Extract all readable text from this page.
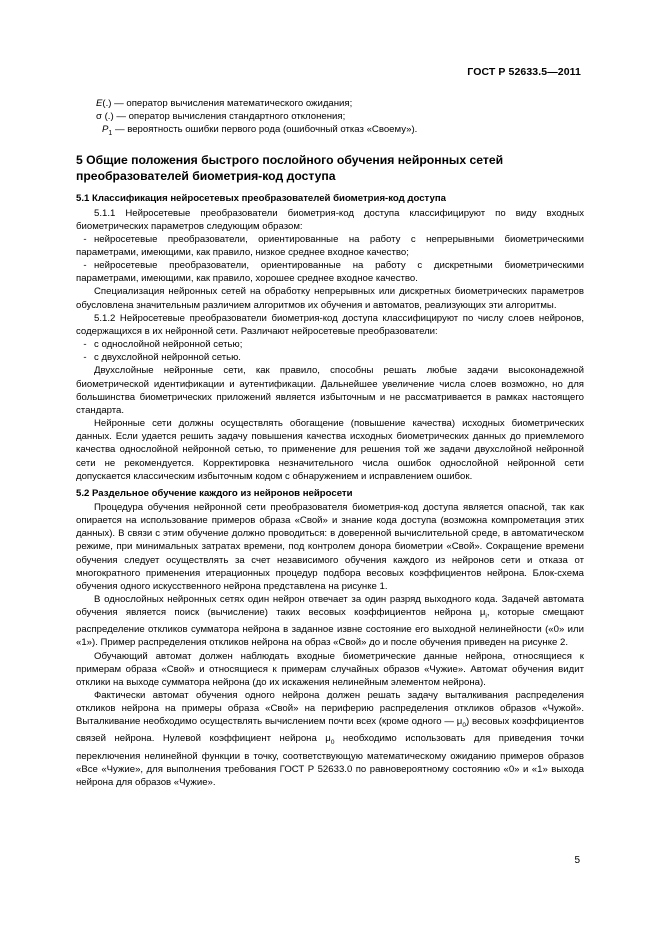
ГОСТ Р 52633.5—2011
E(.) — оператор вычисления математического ожидания;
σ (.) — оператор вычисления стандартного отклонения;
$P_1$ — вероятность ошибки первого рода (ошибочный отказ «Своему»).
5 Общие положения быстрого послойного обучения нейронных сетей преобразователей биометрия-код доступа
5.1 Классификация нейросетевых преобразователей биометрия-код доступа

5.1.1 Нейросетевые преобразователи биометрия-код доступа классифицируют по виду входных биометрических параметров следующим образом:

- нейросетевые преобразователи, ориентированные на работу с непрерывными биометрическими параметрами, имеющими, как правило, низкое среднее входное качество;
- нейросетевые преобразователи, ориентированные на работу с дискретными биометрическими параметрами, имеющими, как правило, хорошее среднее входное качество.

Специализация нейронных сетей на обработку непрерывных или дискретных биометрических параметров обусловлена значительным различием алгоритмов их обучения и автоматов, реализующих эти алгоритмы.

5.1.2 Нейросетевые преобразователи биометрия-код доступа классифицируют по числу слоев нейронов, содержащихся в их нейронной сети. Различают нейросетевые преобразователи:

- с однослойной нейронной сетью;
- с двухслойной нейронной сетью.

Двухслойные нейронные сети, как правило, способны решать любые задачи высоконадежной биометрической идентификации и аутентификации. Дальнейшее увеличение числа слоев возможно, но для большинства биометрических приложений является избыточным и не рассматривается в рамках настоящего стандарта.

Нейронные сети должны осуществлять обогащение (повышение качества) исходных биометрических данных. Если удается решить задачу повышения качества исходных биометрических данных до приемлемого качества однослойной нейронной сетью, то применение для решения той же задачи двухслойной нейронной сети не рекомендуется. Корректировка незначительного числа ошибок однослойной нейронной сети допускается классическим избыточным кодом с обнаружением и исправлением ошибок.

5.2 Раздельное обучение каждого из нейронов нейросети

Процедура обучения нейронной сети преобразователя биометрия-код доступа является опасной, так как опирается на использование примеров образа «Свой» и знание кода доступа (возможна компрометация этих данных). В связи с этим обучение должно проводиться: в доверенной вычислительной среде, в автоматическом режиме, при минимальных затратах времени, под контролем донора биометрии «Свой». Сокращение времени обучения следует осуществлять за счет независимого обучения каждого из нейронов сети и отказа от многократного применения итерационных процедур подбора весовых коэффициентов нейрона. Блок-схема обучения одного искусственного нейрона представлена на рисунке 1.

В однослойных нейронных сетях один нейрон отвечает за один разряд выходного кода. Задачей автомата обучения является поиск (вычисление) таких весовых коэффициентов нейрона $\mu_i$, которые смещают распределение откликов сумматора нейрона в заданное извне состояние его выходной нелинейности («0» или «1»). Пример распределения откликов нейрона на образ «Свой» до и после обучения приведен на рисунке 2.

Обучающий автомат должен наблюдать входные биометрические данные нейрона, относящиеся к примерам образа «Свой» и относящиеся к примерам случайных образов «Чужие». Автомат обучения видит отклики на выходе сумматора нейрона (до их искажения нелинейным элементом нейрона).

Фактически автомат обучения одного нейрона должен решать задачу выталкивания распределения откликов нейрона на примеры образа «Свой» на периферию распределения откликов образов «Чужой». Выталкивание необходимо осуществлять вычислением почти всех (кроме одного — $\mu_0$) весовых коэффициентов связей нейрона. Нулевой коэффициент нейрона $\mu_0$ необходимо использовать для приведения точки переключения нелинейной функции в точку, соответствующую математическому ожиданию примеров образов «Все «Чужие», для выполнения требования ГОСТ Р 52633.0 по равновероятному состоянию «0» и «1» выхода нейрона для образов «Чужие».

5
